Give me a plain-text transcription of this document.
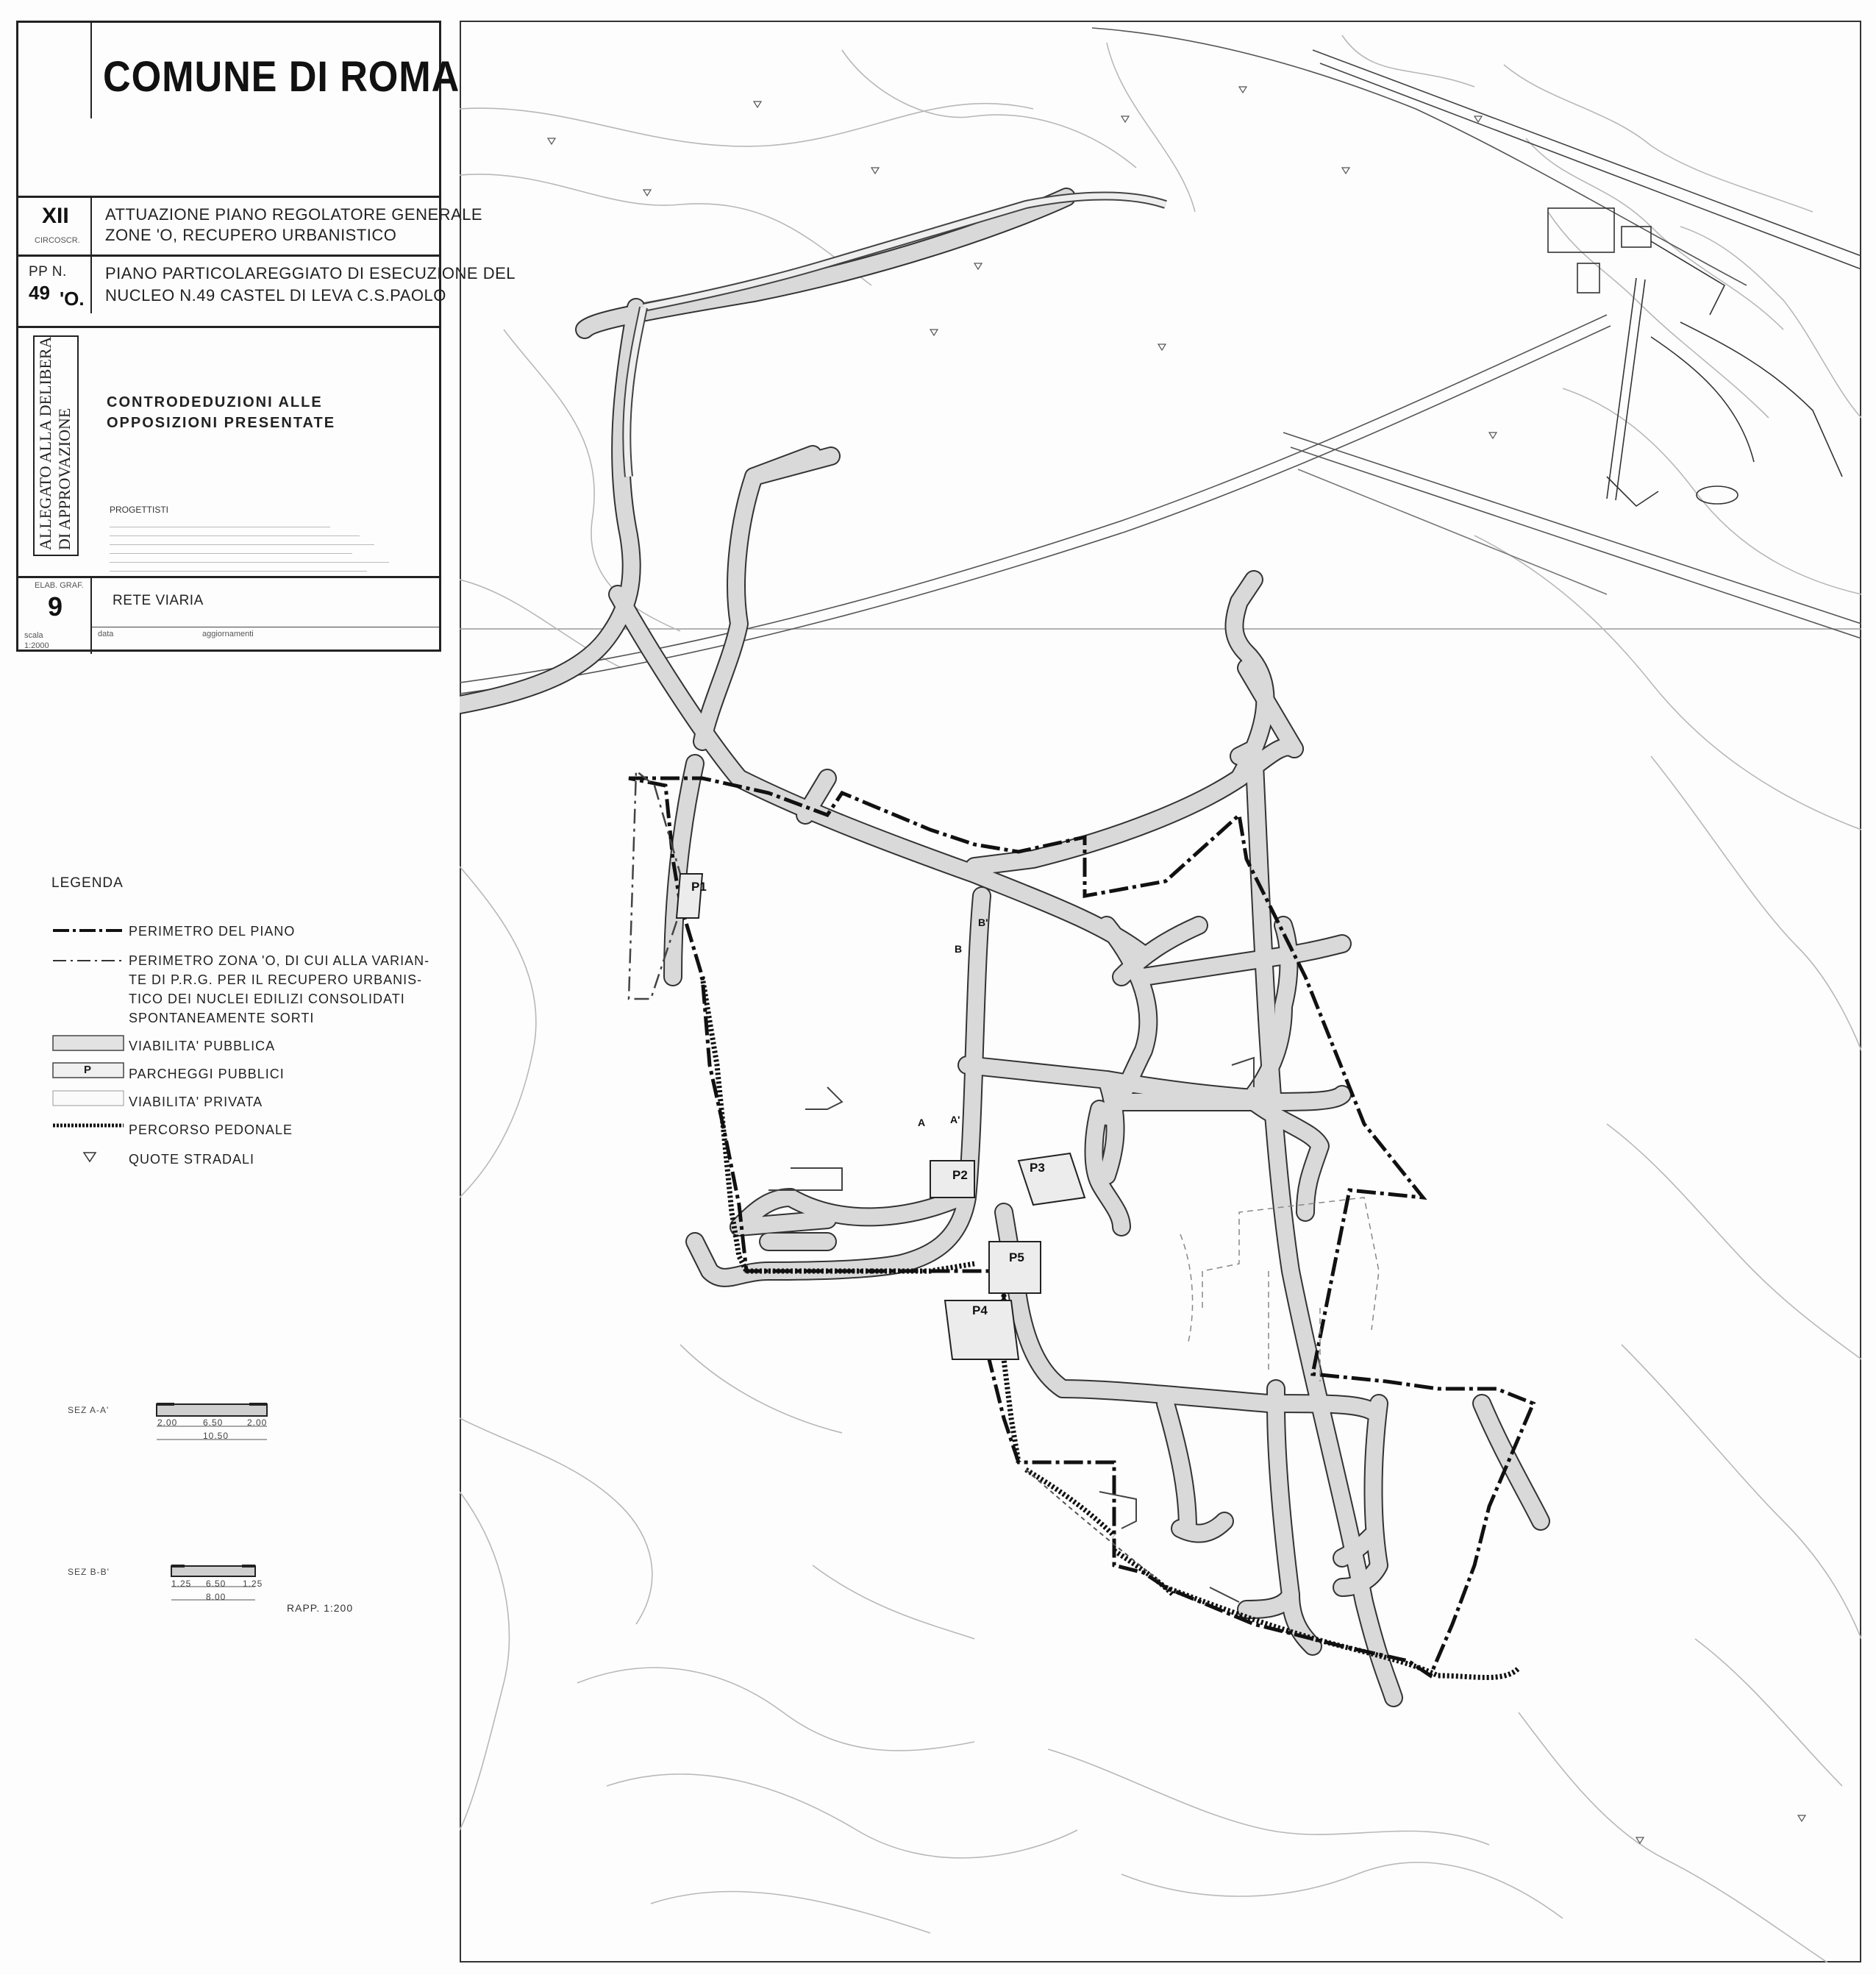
COMUNE DI ROMA
XII
CIRCOSCR.
ATTUAZIONE PIANO REGOLATORE GENERALE
ZONE 'O, RECUPERO URBANISTICO
PP N.
49 'O.
PIANO PARTICOLAREGGIATO DI ESECUZIONE DEL
NUCLEO N.49 CASTEL DI LEVA C.S.PAOLO
ALLEGATO ALLA DELIBERA DI APPROVAZIONE
CONTRODEDUZIONI ALLE
OPPOSIZIONI PRESENTATE
PROGETTISTI
ELAB. GRAF.
9
scala
1:2000
RETE VIARIA
data	aggiornamenti
LEGENDA
P
PERIMETRO DEL PIANO
PERIMETRO ZONA 'O, DI CUI ALLA VARIAN-
TE DI P.R.G. PER IL RECUPERO URBANIS-
TICO DEI NUCLEI EDILIZI CONSOLIDATI
SPONTANEAMENTE SORTI
VIABILITA' PUBBLICA
PARCHEGGI PUBBLICI
VIABILITA' PRIVATA
PERCORSO PEDONALE
QUOTE STRADALI
SEZ A-A'
2.00	6.50	2.00
10.50
SEZ B-B'
1.25 6.50 1.25
8.00
RAPP. 1:200
P1
P2
P3
P4
P5
A A'
B
B'
